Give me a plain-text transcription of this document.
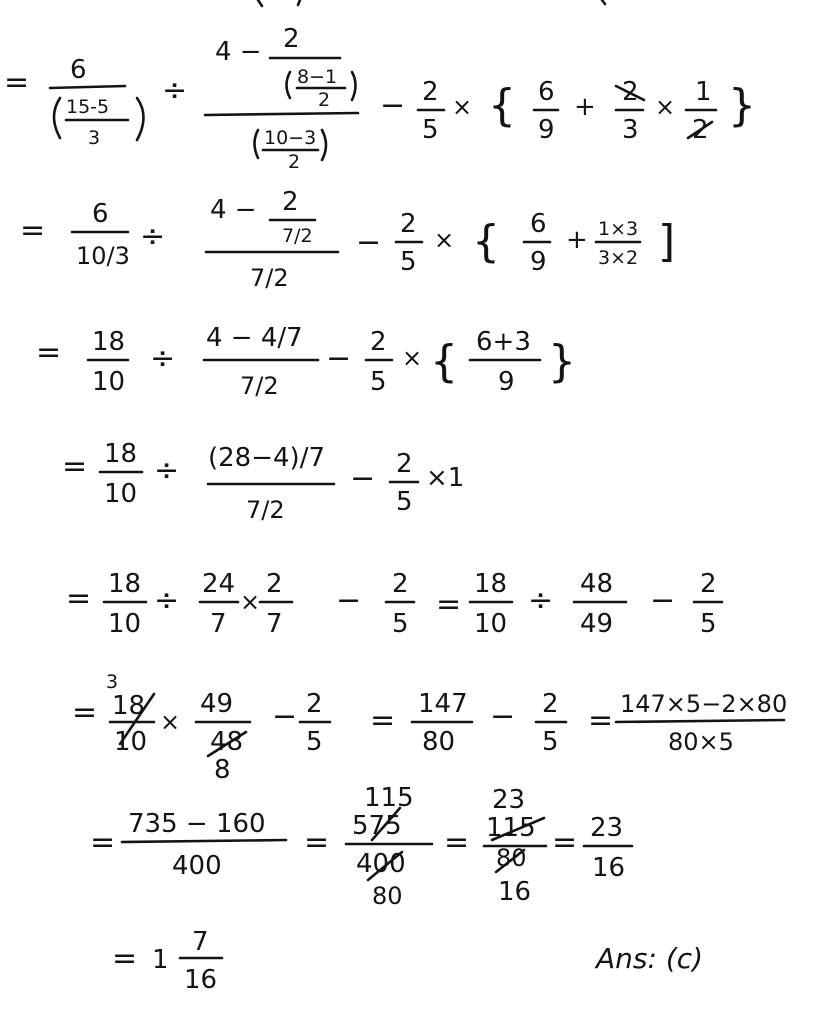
= 6
15-5
3
÷
4 − 2
8−1
2
10−3
2
− 2
5
× { 6
9
+ 2
3
× 1
2 }
= 6
10/3
÷
4 − 2
7/2
7/2
−
2
5
× { 6
9
+ 1×3
3×2 ]
= 18
10
÷
4 − 4/7
7/2
− 2
5
× { 6+3
9 }
= 18
10
÷ (28−4)/7
7/2
− 2
5
×1
= 18
10
÷ 24
7
×
2
7
− 2
5
=
18
10
÷ 48
49
− 2
5
=
3
18
10
×
49
48
8
− 2
5
= 147
80
− 2
5
= 147×5−2×80
80×5
=
735 − 160
400
=
115
575
400
80
=
23
115
80
16
= 23
16
= 1
7
16
Ans: (c)
